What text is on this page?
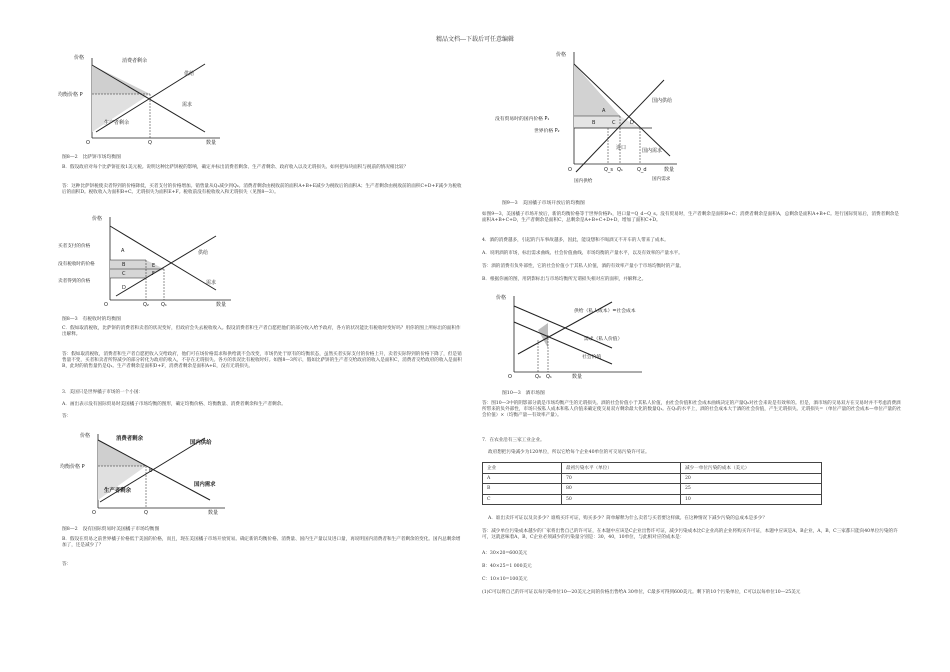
精品文档---下载后可任意编辑
价格	消费者剩余
供给
均衡价格 P
需求
生产者剩余
O	Q	数量
图8—2　比萨饼市场均衡图
B．假设政府对每个比萨饼征收1美元税。说明这种比萨饼税的影响，确定并标出消费者剩余、生产者剩余、政府收入以及无谓损失。如何把每块面积与税前的情况相比较？
答：这种比萨饼税使卖者得到的价格降低，买者支付的价格增加。销售量从Q₁减少到Q₂。消费者剩余由税收前的面积A+B+E减少为税收后的面积A；生产者剩余由税收前的面积C+D+F减少为税收后的面积D。税收收入为面积B+C。无谓损失为面积E+F。税收前没有税收收入和无谓损失（见图8—3）。
价格
买者支付的价格
没有税收时的价格
卖者得到的价格
供给
需求
A
B
C
D
E
F
O	Q₂ Q₁	数量
图8—3　有税收时的均衡图
C．假如取消税收，比萨饼的消费者和卖者的状况变好，但政府会失去税收收入。假设消费者和生产者自愿把他们的部分收入给予政府，各方的状况能比有税收时变好吗？用你的图上所标出的面积作出解释。
答：假如取消税收，消费者和生产者自愿把收入交给政府，他们可在场价格需求和供给就不会改变，市场仍处于原有的均衡状态，虽然买者实际支付的价格上升，卖者实际得到的价格下降了，但是销售量不变，买者和卖者所得减少的部分转化为政府的收入，不存在无谓损失。各方的状况比有税收时好。如图8—3所示，假如比萨饼的生产者交给政府的收入是面积C，消费者交给政府的收入是面积B，此时的销售量仍是Q₁。生产者剩余是面积D+F，消费者剩余是面积A+E，没有无谓损失。
3．美国只是世界橘子市场的一个小国：
A．画出表示没有国际贸易时美国橘子市场均衡的图形，确定均衡价格、均衡数量、消费者剩余和生产者剩余。
答：
价格	消费者剩余
国内供给
均衡价格 P
E
国内需求
生产者剩余
O	Q	数量
图8—2　没有国际贸易时美国橘子市场均衡图
B．假设在贸易之前世界橘子价格低于美国的价格，而且，现在美国橘子市场开放贸易。确定新的均衡价格、消费量、国内生产量以及进口量，再说明国内消费者和生产者剩余的变化。国内总剩余增加了，还是减少了？
答：
价格
国内供给
没有贸易时的国内价格 P₁
世界价格 P₂
A
B	C	D
进口	国内需求
O	Q_s Q₁	Q_d	数量
国内供给	国内需求
图9—3　美国橘子市场开放后的均衡图
如图9—3，美国橘子市场开放后，新的均衡价格等于世界价格P₂，进口量=Q_d−Q_s。没有贸易时，生产者剩余是面积B+C；消费者剩余是面积A，总剩余是面积A+B+C。进行国际贸易后，消费者剩余是面积A+B+C+D，生产者剩余是面积C，总剩余是A+B+C+D+D，增加了面积C+D。
4．酒的消费越多，引起的汽车事故越多，因此，能设想和不喝酒又不开车的人带来了成本。
A．说明酒的市场，标出需求曲线、社会价值曲线、市场均衡的产量水平，以及有效率的产量水平。
答：酒的消费有负外部性，它的社会价值小于其私人价值，酒的有效率产量小于市场均衡时的产量。
B．根据你画的图，用阴影标出与市场均衡所无谓损失相对应的面积，并解释之。
价格
供给（私人成本）=社会成本
需求（私人价值）
社会价值
O	Q₀ Q₁	数量
图10—3　酒市场图
答：图10—3中的阴影部分就是市场均衡产生的无谓损失。酒的社会价值小于其私人价值，由社会价值和社会成本曲线决定的产量Q₀对社会来说是有效率的。但是，酒市场的交易双方在交易时并不考虑消费酒所带来的负外部性，市场只按私人成本和私人价值来确定使交易双方剩余最大化的数量Q₁。在Q₁的水平上，酒的社会成本大于酒的社会价值，产生无谓损失。无谓损失=（单位产量的社会成本—单位产量的社会价值）×（均衡产量—有效率产量）。
7．在农业沿有三家工业企业。
政府想把污染减少为120单位，所以它给每个企业40单位的可交易污染许可证。
企业	最初污染水平（单位）	减少一单位污染的成本（美元）
A	70	20
B	80	25
C	50	10
A．谁出卖许可证以及卖多少？谁购买许可证，购买多少？简单解释为什么卖者与买者要这样做。在这种情况下减少污染的总成本是多少？
答：减少单位污染成本越少的厂家将出售自己的许可证，在本题中应该是C企业出售许可证，减少污染成本比C企业高的企业将购买许可证，本题中应该是A，B企业，A，B，C三家都只能向40单位污染的许可，这就意味着A，B，C企业必须减少的污染量分别是：30，40，10单位，与此相对应的成本是：
A：30×20=600美元
B：40×25=1 000美元
C：10×10=100美元
(1)C可以将自己的许可证以每污染单位10—20美元之间的价格出售给A 30单位，C最多可得到600美元。剩下的10个污染单位，C可以以每单位10—25美元
